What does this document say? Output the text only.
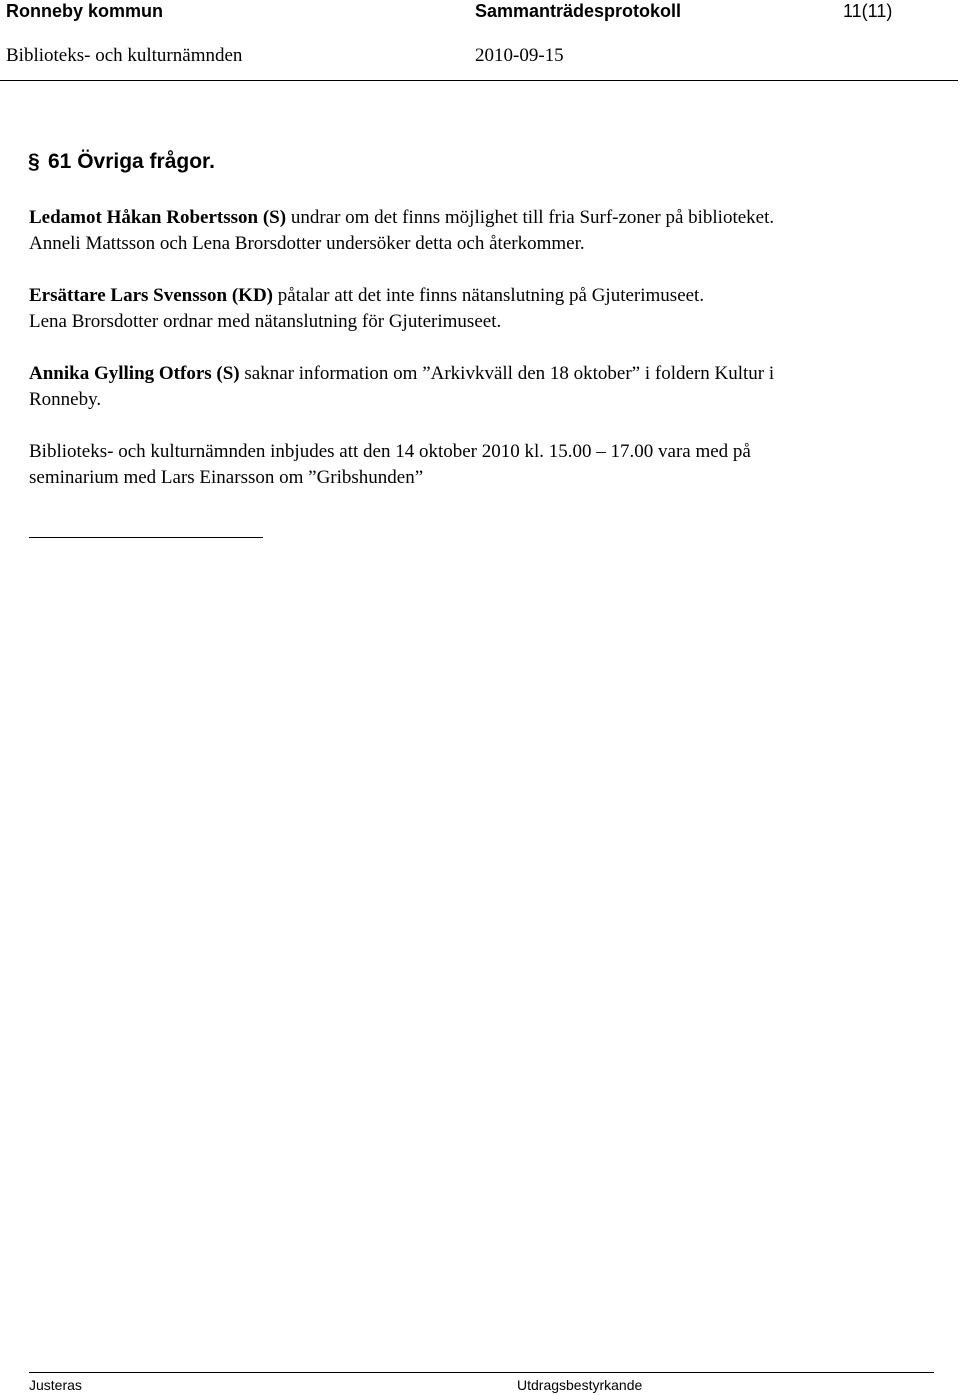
Ronneby kommun	Sammanträdesprotokoll	11(11)
Biblioteks- och kulturnämnden	2010-09-15
§ 61 Övriga frågor.
Ledamot Håkan Robertsson (S) undrar om det finns möjlighet till fria Surf-zoner på biblioteket.
Anneli Mattsson och Lena Brorsdotter undersöker detta och återkommer.
Ersättare Lars Svensson (KD) påtalar att det inte finns nätanslutning på Gjuterimuseet.
Lena Brorsdotter ordnar med nätanslutning för Gjuterimuseet.
Annika Gylling Otfors (S) saknar information om ”Arkivkväll den 18 oktober” i foldern Kultur i
Ronneby.
Biblioteks- och kulturnämnden inbjudes att den 14 oktober 2010 kl. 15.00 – 17.00 vara med på
seminarium med Lars Einarsson om ”Gribshunden”
Justeras	Utdragsbestyrkande
